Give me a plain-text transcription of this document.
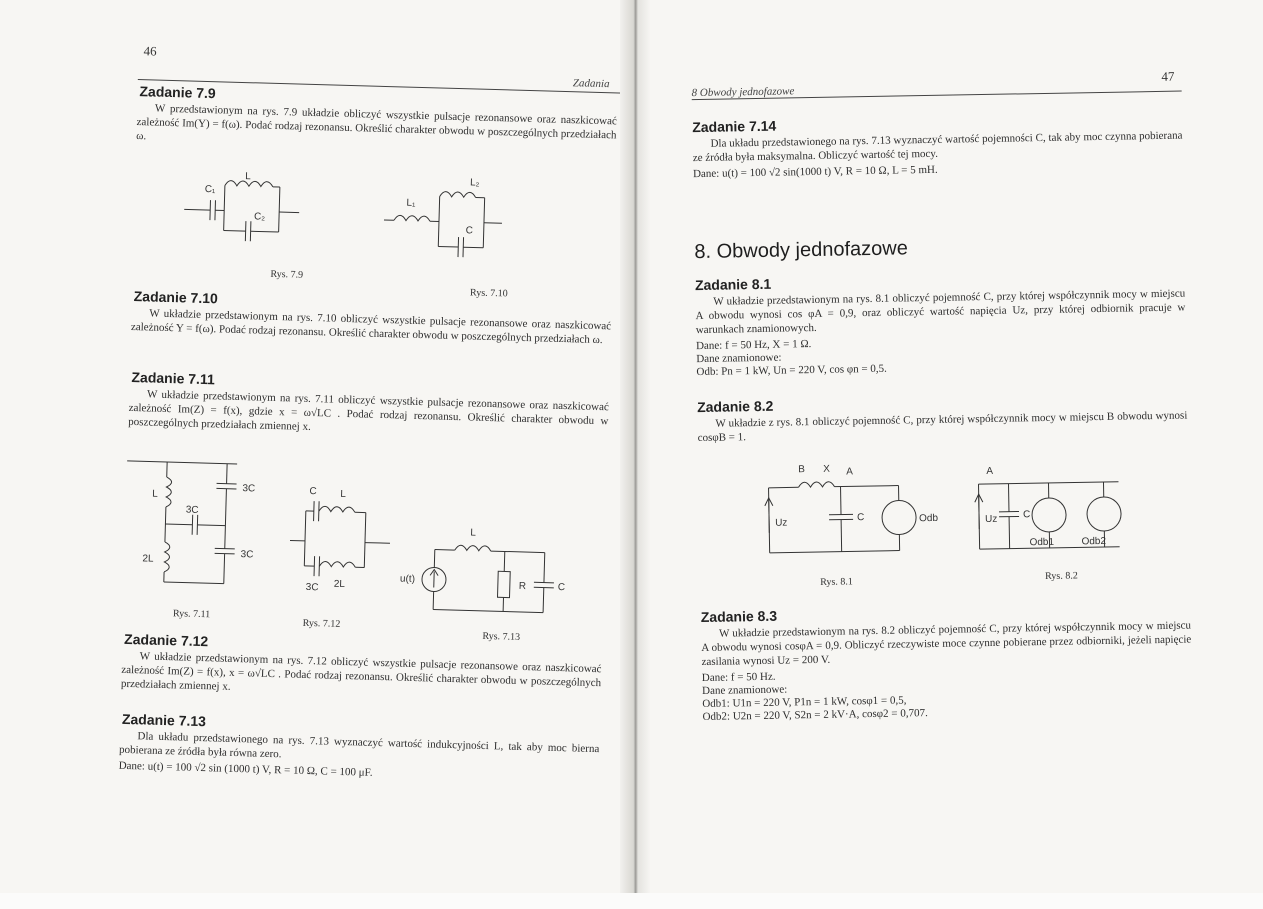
46
Zadania
Zadanie 7.9
W przedstawionym na rys. 7.9 układzie obliczyć wszystkie pulsacje rezonansowe oraz naszkicować zależność Im(Y) = f(ω). Podać rodzaj rezonansu. Określić charakter obwodu w poszczególnych przedziałach ω.
C₁
L
C₂
L₁
L₂
C
Rys. 7.9
Rys. 7.10
Zadanie 7.10
W układzie przedstawionym na rys. 7.10 obliczyć wszystkie pulsacje rezonansowe oraz naszkicować zależność Y = f(ω). Podać rodzaj rezonansu. Określić charakter obwodu w poszczególnych przedziałach ω.
Zadanie 7.11
W układzie przedstawionym na rys. 7.11 obliczyć wszystkie pulsacje rezonansowe oraz naszkicować zależność Im(Z) = f(x), gdzie x = ω√LC . Podać rodzaj rezonansu. Określić charakter obwodu w poszczególnych przedziałach zmiennej x.
L	3C
3C
3C
2L
C L
2L
3C
u(t)
L
R	C
Rys. 7.11
Rys. 7.12
Rys. 7.13
Zadanie 7.12
W układzie przedstawionym na rys. 7.12 obliczyć wszystkie pulsacje rezonansowe oraz naszkicować zależność Im(Z) = f(x), x = ω√LC . Podać rodzaj rezonansu. Określić charakter obwodu w poszczególnych przedziałach zmiennej x.
Zadanie 7.13
Dla układu przedstawionego na rys. 7.13 wyznaczyć wartość indukcyjności L, tak aby moc bierna pobierana ze źródła była równa zero.
Dane: u(t) = 100 √2 sin (1000 t) V, R = 10 Ω, C = 100 μF.
8 Obwody jednofazowe
47
Zadanie 7.14
Dla układu przedstawionego na rys. 7.13 wyznaczyć wartość pojemności C, tak aby moc czynna pobierana ze źródła była maksymalna. Obliczyć wartość tej mocy.
Dane: u(t) = 100 √2 sin(1000 t) V, R = 10 Ω, L = 5 mH.
8. Obwody jednofazowe
Zadanie 8.1
W układzie przedstawionym na rys. 8.1 obliczyć pojemność C, przy której współczynnik mocy w miejscu A obwodu wynosi cos φA = 0,9, oraz obliczyć wartość napięcia Uz, przy której odbiornik pracuje w warunkach znamionowych.
Dane: f = 50 Hz, X = 1 Ω.
Dane znamionowe:
Odb: Pn = 1 kW, Un = 220 V, cos φn = 0,5.
Zadanie 8.2
W układzie z rys. 8.1 obliczyć pojemność C, przy której współczynnik mocy w miejscu B obwodu wynosi cosφB = 1.
B X A
Uz	C	Odb
A
Uz	C
Odb1	Odb2
Rys. 8.1
Rys. 8.2
Zadanie 8.3
W układzie przedstawionym na rys. 8.2 obliczyć pojemność C, przy której współczynnik mocy w miejscu A obwodu wynosi cosφA = 0,9. Obliczyć rzeczywiste moce czynne pobierane przez odbiorniki, jeżeli napięcie zasilania wynosi Uz = 200 V.
Dane: f = 50 Hz.
Dane znamionowe:
Odb1: U1n = 220 V, P1n = 1 kW, cosφ1 = 0,5,
Odb2: U2n = 220 V, S2n = 2 kV·A, cosφ2 = 0,707.
